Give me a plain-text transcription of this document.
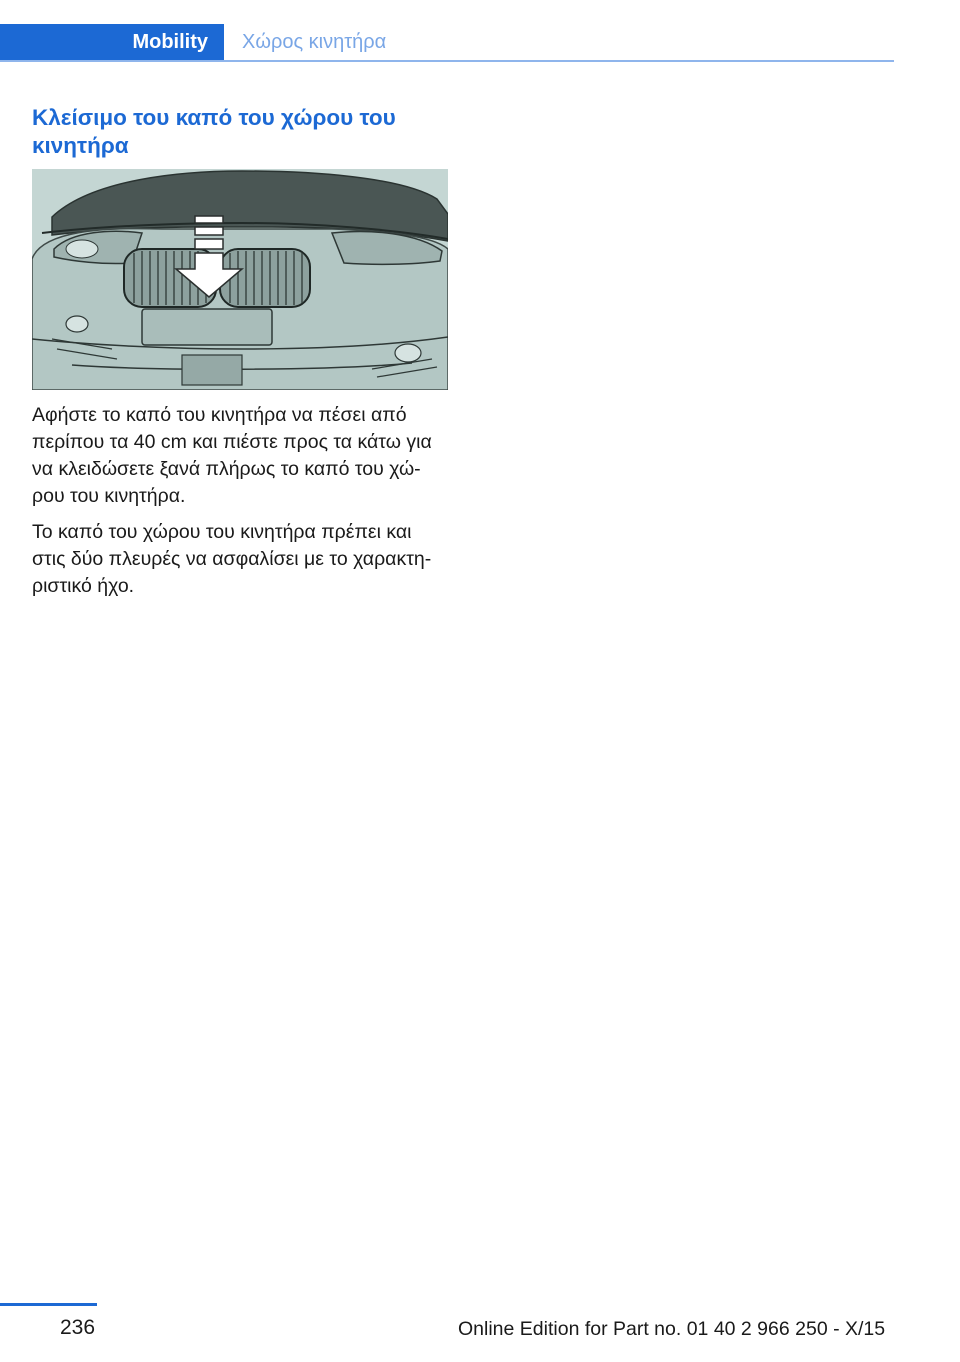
Mobility	Χώρος κινητήρα
Κλείσιμο του καπό του χώρου του κινητήρα

Αφήστε το καπό του κινητήρα να πέσει από περίπου τα 40 cm και πιέστε προς τα κάτω για να κλειδώσετε ξανά πλήρως το καπό του χώ‐ ρου του κινητήρα.

Το καπό του χώρου του κινητήρα πρέπει και στις δύο πλευρές να ασφαλίσει με το χαρακτη‐ ριστικό ήχο.

236	Online Edition for Part no. 01 40 2 966 250 - X/15
